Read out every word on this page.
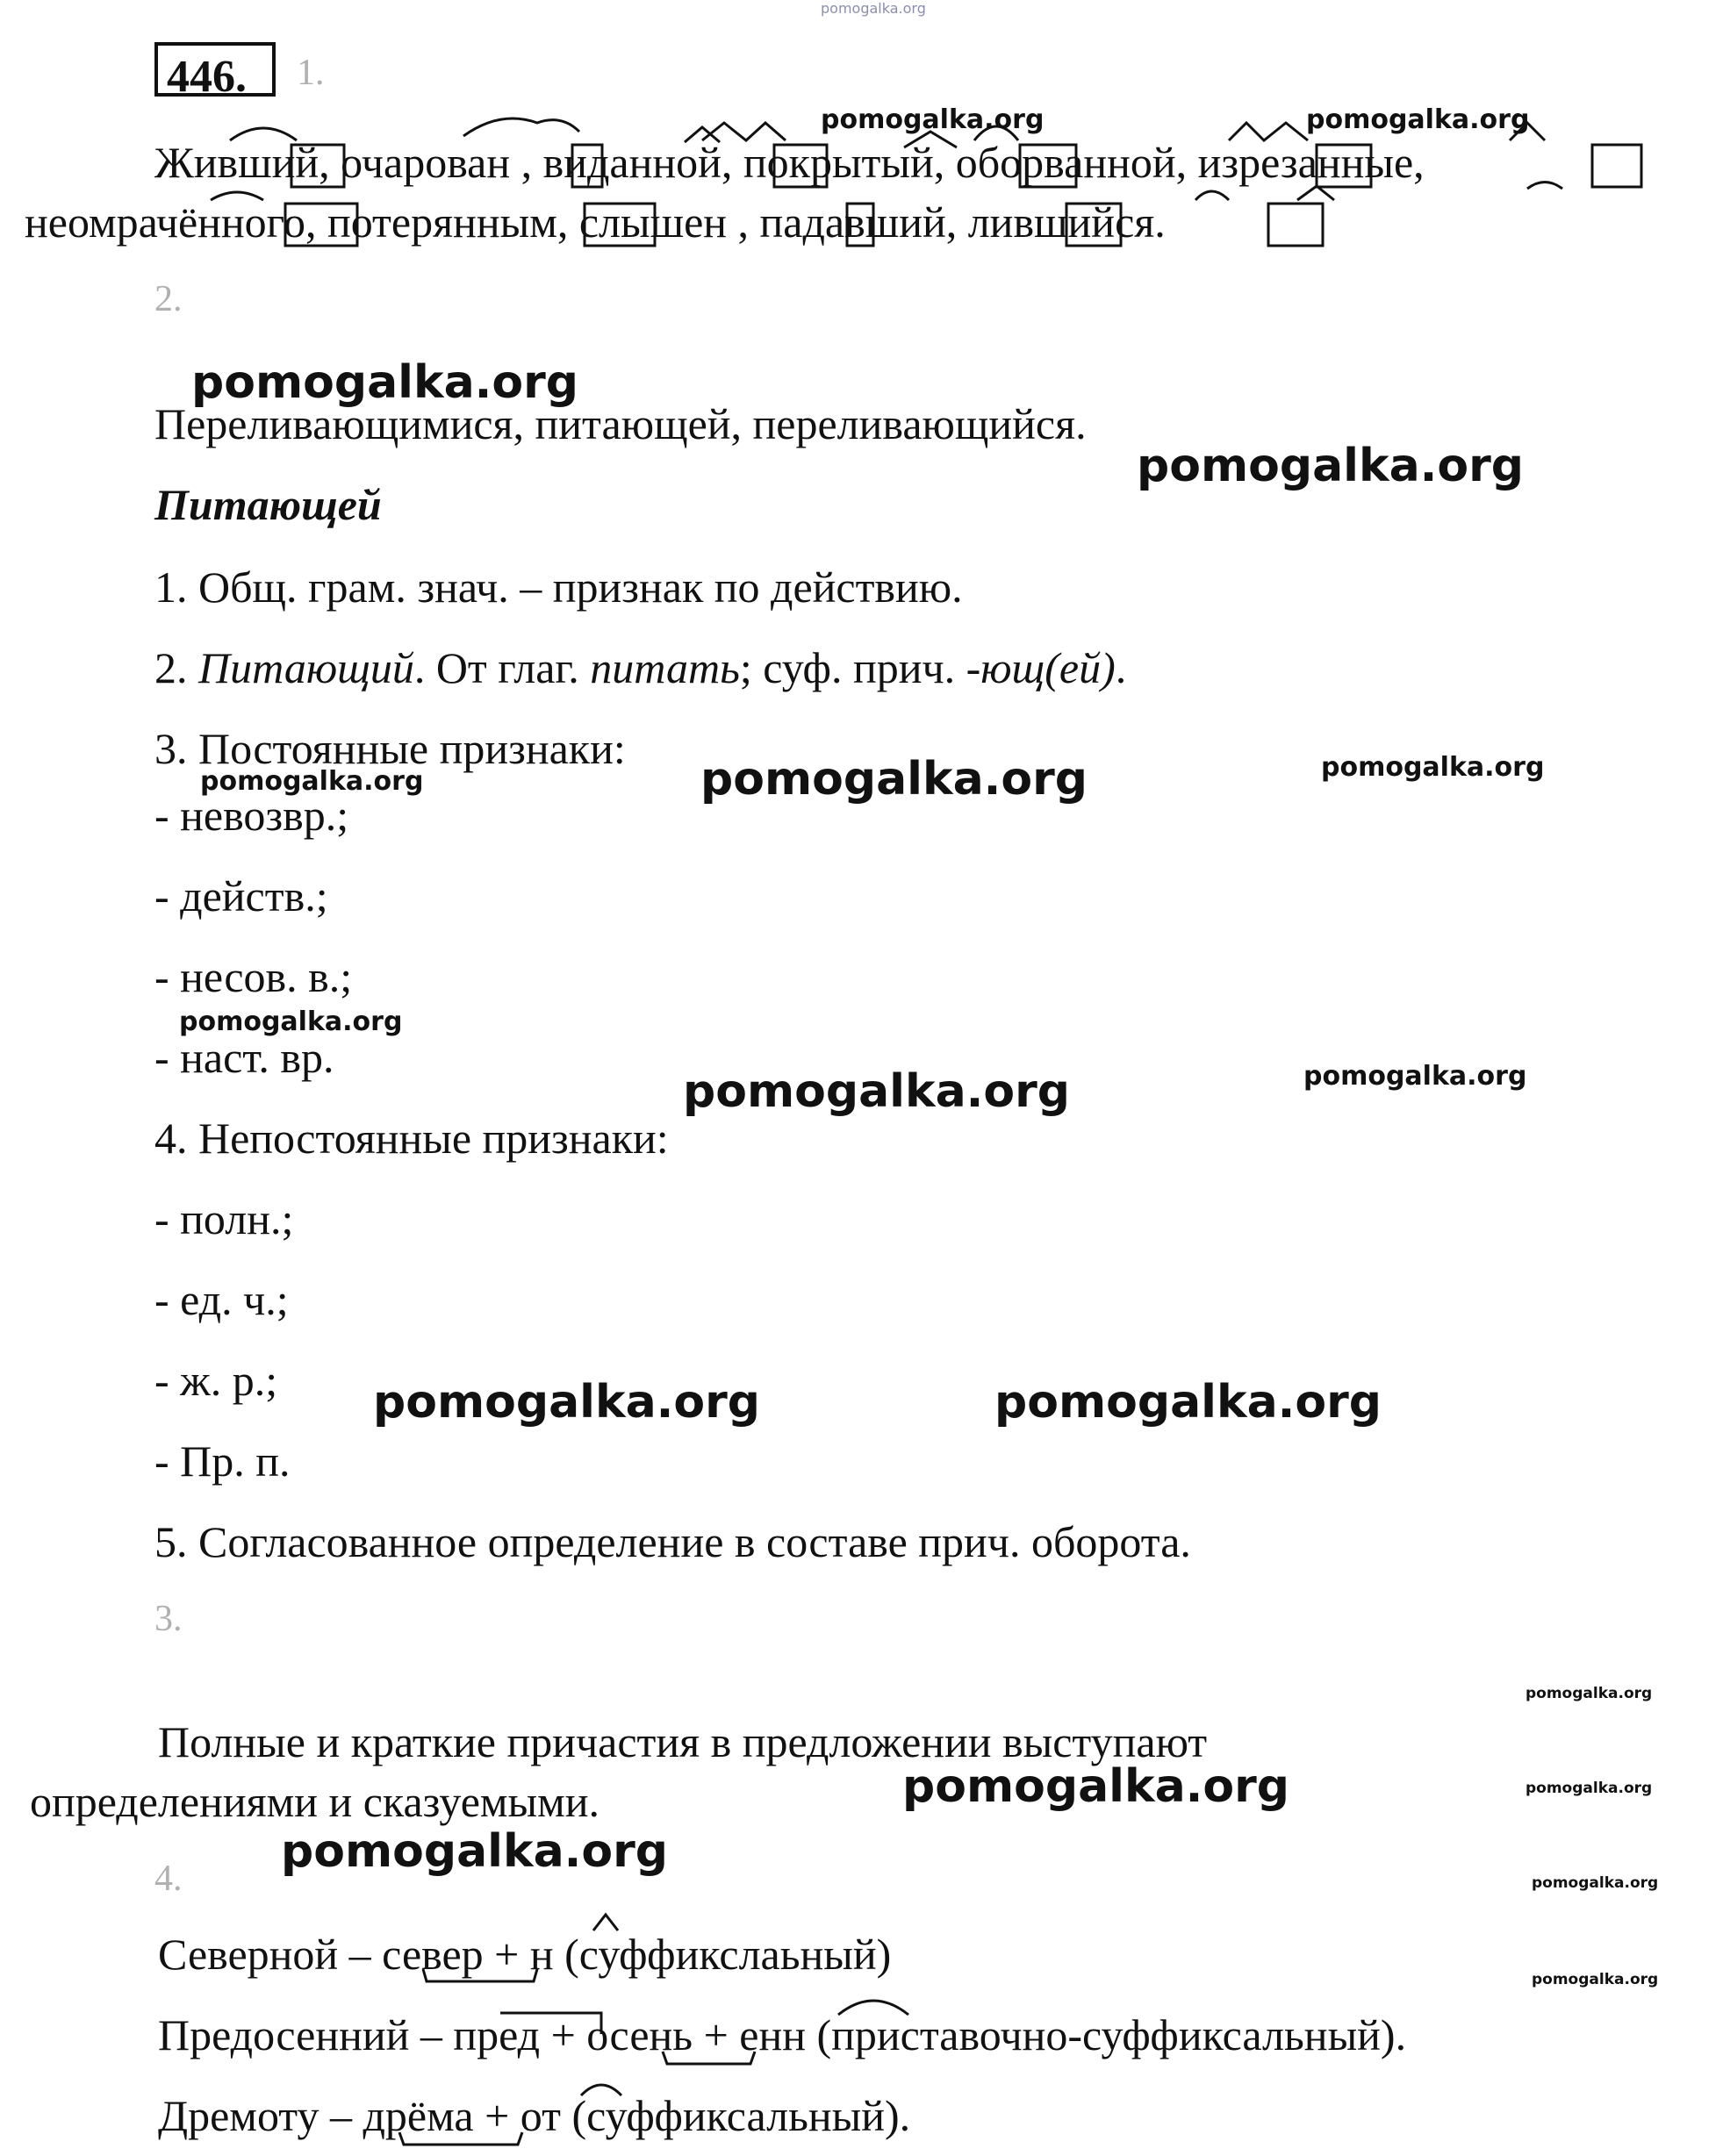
pomogalka.org
446. 1.
Живший, очарован , виданной, покрытый, оборванной, изрезанные,
неомрачённого, потерянным, слышен , падавший, лившийся.
pomogalka.org	pomogalka.org
2.
pomogalka.org
Переливающимися, питающей, переливающийся.
pomogalka.org
Питающей
1. Общ. грам. знач. – признак по действию.
2. Питающий. От глаг. питать; суф. прич. -ющ(ей).
3. Постоянные признаки:
pomogalka.org	pomogalka.org	pomogalka.org
- невозвр.;
- действ.;
- несов. в.;
pomogalka.org
- наст. вр.
pomogalka.org	pomogalka.org
4. Непостоянные признаки:
- полн.;
- ед. ч.;
- ж. р.; pomogalka.org	pomogalka.org
- Пр. п.
5. Согласованное определение в составе прич. оборота.
3.
pomogalka.org
Полные и краткие причастия в предложении выступают
определениями и сказуемыми.	pomogalka.org	pomogalka.org
pomogalka.org
4.	pomogalka.org
Северной – север + н (суффикслаьный)
pomogalka.org
Предосенний – пред + осень + енн (приставочно-суффиксальный).
Дремоту – дрёма + от (суффиксальный).
